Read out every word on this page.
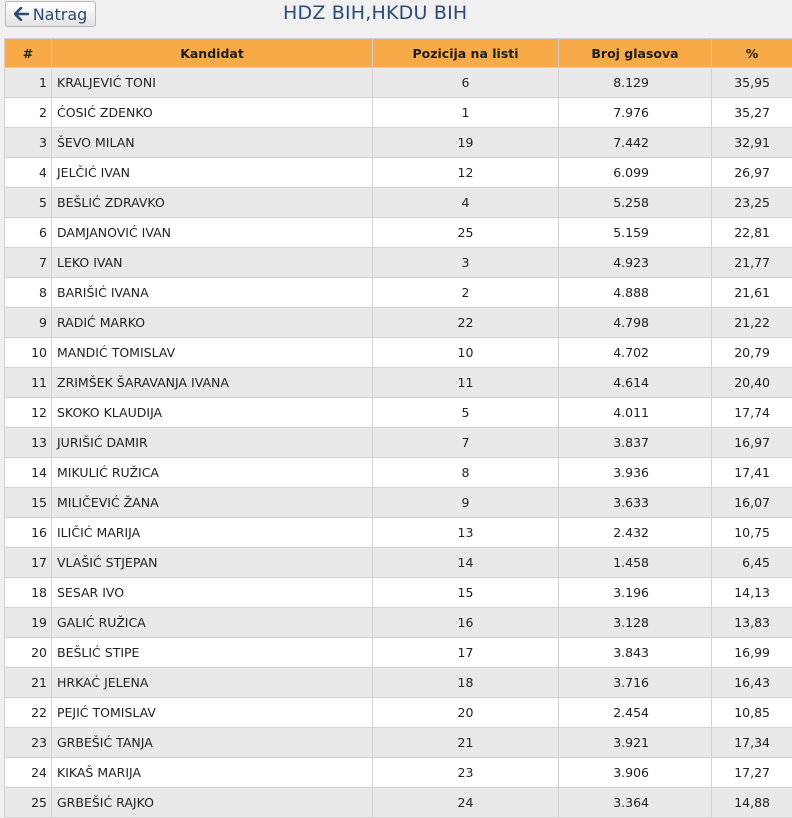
Natrag	HDZ BIH,HKDU BIH
#	Kandidat	Pozicija na listi	Broj glasova	%
1	KRALJEVIĆ TONI	6	8.129	35,95
2	ĆOSIĆ ZDENKO	1	7.976	35,27
3	ŠEVO MILAN	19	7.442	32,91
4	JELČIĆ IVAN	12	6.099	26,97
5	BEŠLIĆ ZDRAVKO	4	5.258	23,25
6	DAMJANOVIĆ IVAN	25	5.159	22,81
7	LEKO IVAN	3	4.923	21,77
8	BARIŠIĆ IVANA	2	4.888	21,61
9	RADIĆ MARKO	22	4.798	21,22
10	MANDIĆ TOMISLAV	10	4.702	20,79
11	ZRIMŠEK ŠARAVANJA IVANA	11	4.614	20,40
12	SKOKO KLAUDIJA	5	4.011	17,74
13	JURIŠIĆ DAMIR	7	3.837	16,97
14	MIKULIĆ RUŽICA	8	3.936	17,41
15	MILIČEVIĆ ŽANA	9	3.633	16,07
16	ILIČIĆ MARIJA	13	2.432	10,75
17	VLAŠIĆ STJEPAN	14	1.458	6,45
18	SESAR IVO	15	3.196	14,13
19	GALIĆ RUŽICA	16	3.128	13,83
20	BEŠLIĆ STIPE	17	3.843	16,99
21	HRKAĆ JELENA	18	3.716	16,43
22	PEJIĆ TOMISLAV	20	2.454	10,85
23	GRBEŠIĆ TANJA	21	3.921	17,34
24	KIKAŠ MARIJA	23	3.906	17,27
25	GRBEŠIĆ RAJKO	24	3.364	14,88
